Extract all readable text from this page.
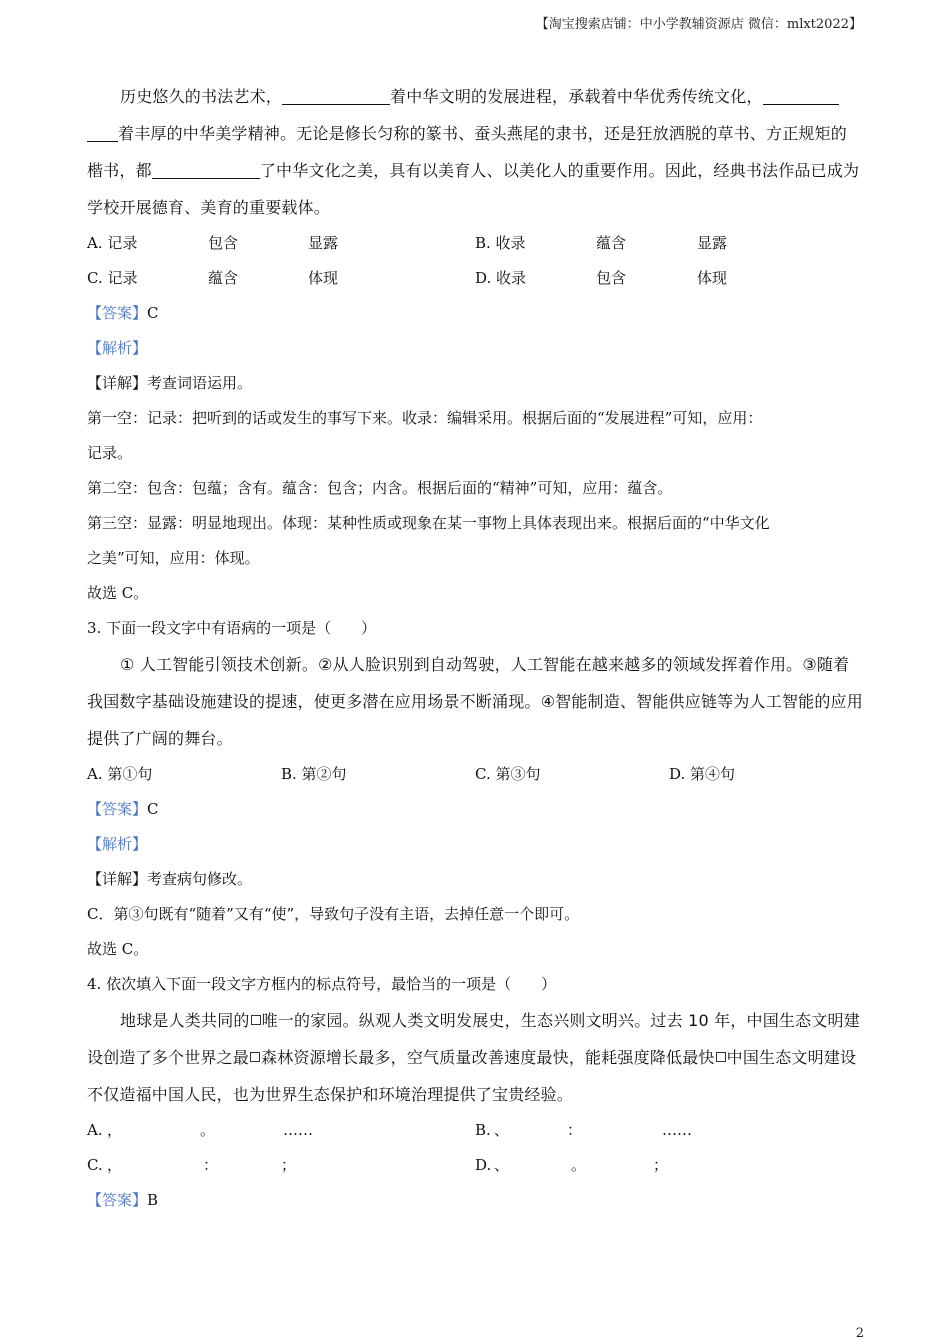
【淘宝搜索店铺：中小学教辅资源店 微信：mlxt2022】

历史悠久的书法艺术，	着中华文明的发展进程，承载着中华优秀传统文化，着丰厚的中华美学精神。无论是修长匀称的篆书、蚕头燕尾的隶书，还是狂放洒脱的草书、方正规矩的楷书，都	了中华文化之美，具有以美育人、以美化人的重要作用。因此，经典书法作品已成为学校开展德育、美育的重要载体。

A. 记录	包含	显露	B. 收录	蕴含	显露
C. 记录	蕴含	体现	D. 收录	包含	体现
【答案】C
【解析】
【详解】考查词语运用。
第一空：记录：把听到的话或发生的事写下来。收录：编辑采用。根据后面的“发展进程”可知，应用：
记录。
第二空：包含：包蕴；含有。蕴含：包含；内含。根据后面的“精神”可知，应用：蕴含。
第三空：显露：明显地现出。体现：某种性质或现象在某一事物上具体表现出来。根据后面的“中华文化
之美”可知，应用：体现。
故选 C。
3. 下面一段文字中有语病的一项是（　　）

① 人工智能引领技术创新。②从人脸识别到自动驾驶，人工智能在越来越多的领域发挥着作用。③随着我国数字基础设施建设的提速，使更多潜在应用场景不断涌现。④智能制造、智能供应链等为人工智能的应用提供了广阔的舞台。

A. 第①句	B. 第②句	C. 第③句	D. 第④句
【答案】C
【解析】
【详解】考查病句修改。
C．第③句既有“随着”又有“使”，导致句子没有主语，去掉任意一个即可。
故选 C。
4. 依次填入下面一段文字方框内的标点符号，最恰当的一项是（　　）

地球是人类共同的 唯一的家园。纵观人类文明发展史，生态兴则文明兴。过去 10 年，中国生态文明建设创造了多个世界之最 森林资源增长最多，空气质量改善速度最快，能耗强度降低最快 中国生态文明建设不仅造福中国人民，也为世界生态保护和环境治理提供了宝贵经验。

A. ，	。	……	B. 、	：	……
C. ，	：	；	D. 、	。	；
【答案】B
2
